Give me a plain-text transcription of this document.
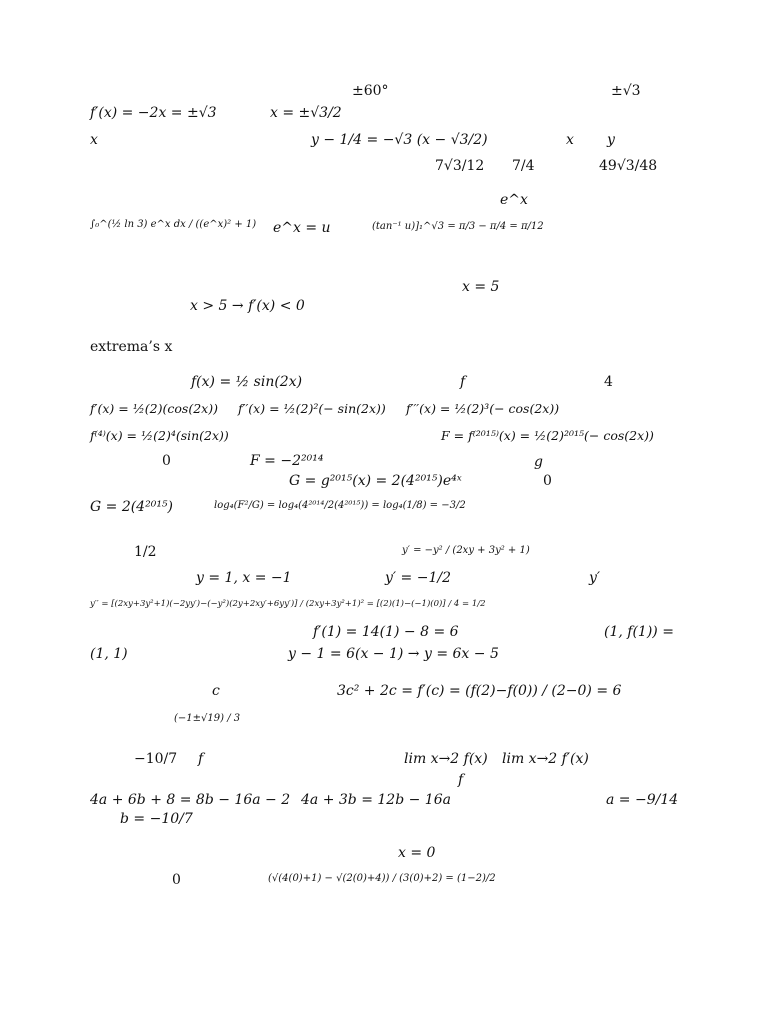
±60°	±√3
f′(x) = −2x = ±√3	x = ±√3/2
x	y − 1/4 = −√3 (x − √3/2)	x y
7√3/12 7/4	49√3/48
e^x
∫₀^(½ ln 3) e^x dx / ((e^x)² + 1) e^x = u	(tan⁻¹ u)]₁^√3 = π/3 − π/4 = π/12
x = 5
x > 5 → f′(x) < 0
extrema’s x
f(x) = ½ sin(2x)	f	4
f′(x) = ½(2)(cos(2x)) f′′(x) = ½(2)²(− sin(2x)) f′′′(x) = ½(2)³(− cos(2x))
f⁽⁴⁾(x) = ½(2)⁴(sin(2x))	F = f⁽²⁰¹⁵⁾(x) = ½(2)²⁰¹⁵(− cos(2x))
0	F = −2²⁰¹⁴	g
G = g²⁰¹⁵(x) = 2(4²⁰¹⁵)e⁴ˣ	0
G = 2(4²⁰¹⁵)	log₄(F²/G) = log₄(4²⁰¹⁴/2(4²⁰¹⁵)) = log₄(1/8) = −3/2
1/2	y′ = −y² / (2xy + 3y² + 1)
y = 1, x = −1	y′ = −1/2	y′
y′′ = [(2xy+3y²+1)(−2yy′)−(−y²)(2y+2xy′+6yy′)] / (2xy+3y²+1)² = [(2)(1)−(−1)(0)] / 4 = 1/2
f′(1) = 14(1) − 8 = 6	(1, f(1)) =
(1, 1)	y − 1 = 6(x − 1) → y = 6x − 5
c	3c² + 2c = f′(c) = (f(2)−f(0)) / (2−0) = 6
(−1±√19) / 3
−10/7 f	lim x→2 f(x) lim x→2 f′(x)
f
4a + 6b + 8 = 8b − 16a − 2 4a + 3b = 12b − 16a	a = −9/14
b = −10/7
x = 0
0	(√(4(0)+1) − √(2(0)+4)) / (3(0)+2) = (1−2)/2
